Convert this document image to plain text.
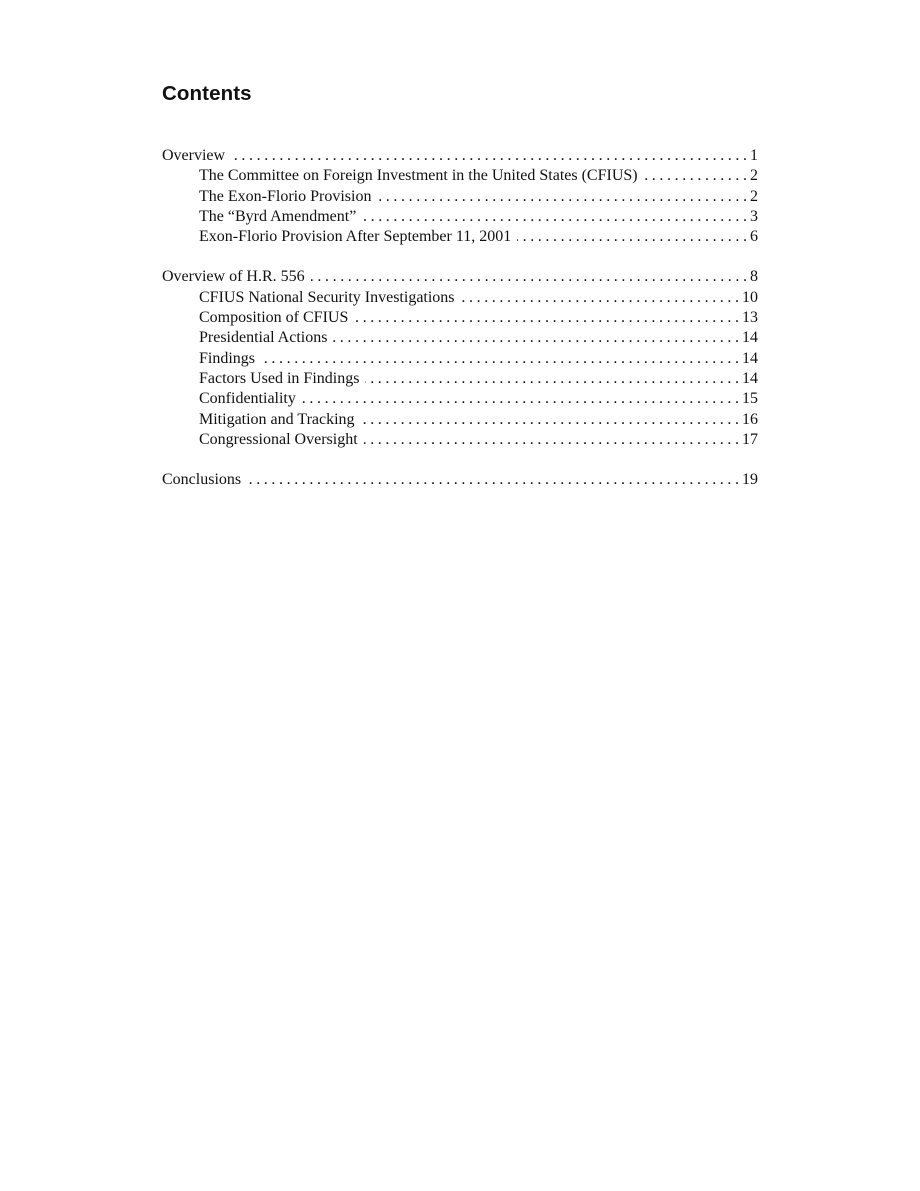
Contents
Overview . . .	1
The Committee on Foreign Investment in the United States (CFIUS) . . .	2
The Exon-Florio Provision . . .	2
The “Byrd Amendment” . . .	3
Exon-Florio Provision After September 11, 2001 . . .	6
Overview of H.R. 556 . . .	8
CFIUS National Security Investigations . . .	10
Composition of CFIUS . . .	13
Presidential Actions . . .	14
Findings . . .	14
Factors Used in Findings . . .	14
Confidentiality . . .	15
Mitigation and Tracking . . .	16
Congressional Oversight . . .	17
Conclusions . . .	19
